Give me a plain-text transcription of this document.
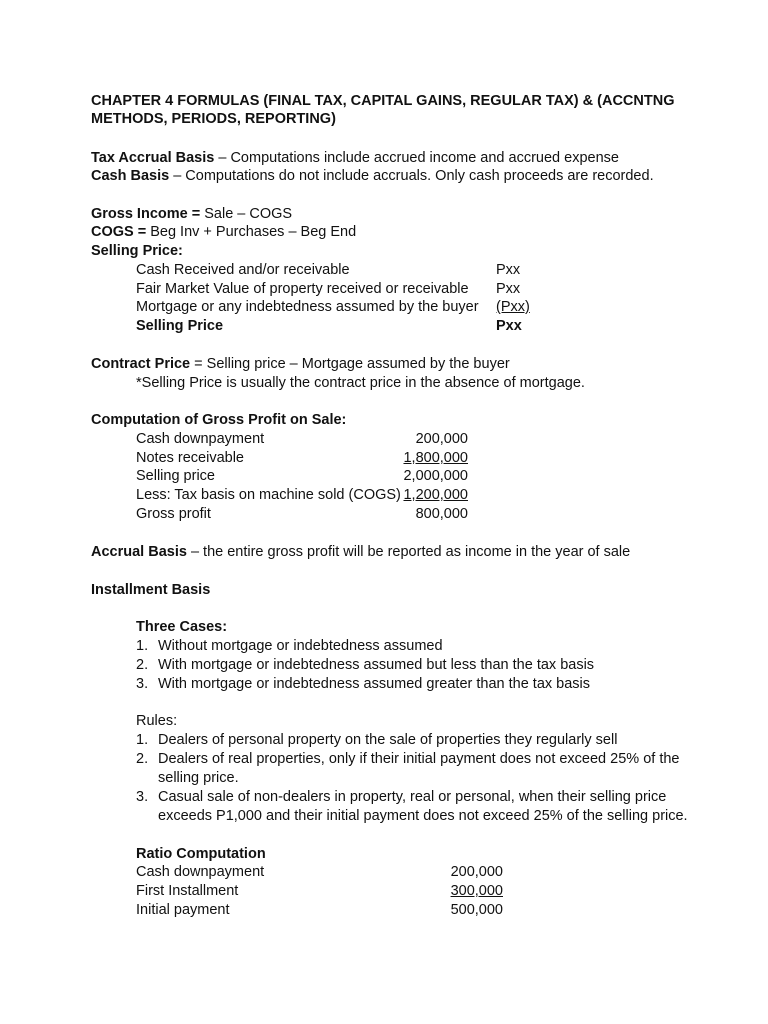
CHAPTER 4 FORMULAS (FINAL TAX, CAPITAL GAINS, REGULAR TAX) & (ACCNTNG
METHODS, PERIODS, REPORTING)
Tax Accrual Basis – Computations include accrued income and accrued expense
Cash Basis – Computations do not include accruals. Only cash proceeds are recorded.
Gross Income = Sale – COGS
COGS = Beg Inv + Purchases – Beg End
Selling Price:
Cash Received and/or receivable	Pxx
Fair Market Value of property received or receivable Pxx
Mortgage or any indebtedness assumed by the buyer (Pxx)
Selling Price	Pxx
Contract Price = Selling price – Mortgage assumed by the buyer
*Selling Price is usually the contract price in the absence of mortgage.
Computation of Gross Profit on Sale:
Cash downpayment	200,000
Notes receivable	1,800,000
Selling price	2,000,000
Less: Tax basis on machine sold (COGS) 1,200,000
Gross profit	800,000
Accrual Basis – the entire gross profit will be reported as income in the year of sale
Installment Basis
Three Cases:
1. Without mortgage or indebtedness assumed
2. With mortgage or indebtedness assumed but less than the tax basis
3. With mortgage or indebtedness assumed greater than the tax basis
Rules:
1. Dealers of personal property on the sale of properties they regularly sell
2. Dealers of real properties, only if their initial payment does not exceed 25% of the
selling price.
3. Casual sale of non-dealers in property, real or personal, when their selling price
exceeds P1,000 and their initial payment does not exceed 25% of the selling price.
Ratio Computation
Cash downpayment	200,000
First Installment	300,000
Initial payment	500,000
